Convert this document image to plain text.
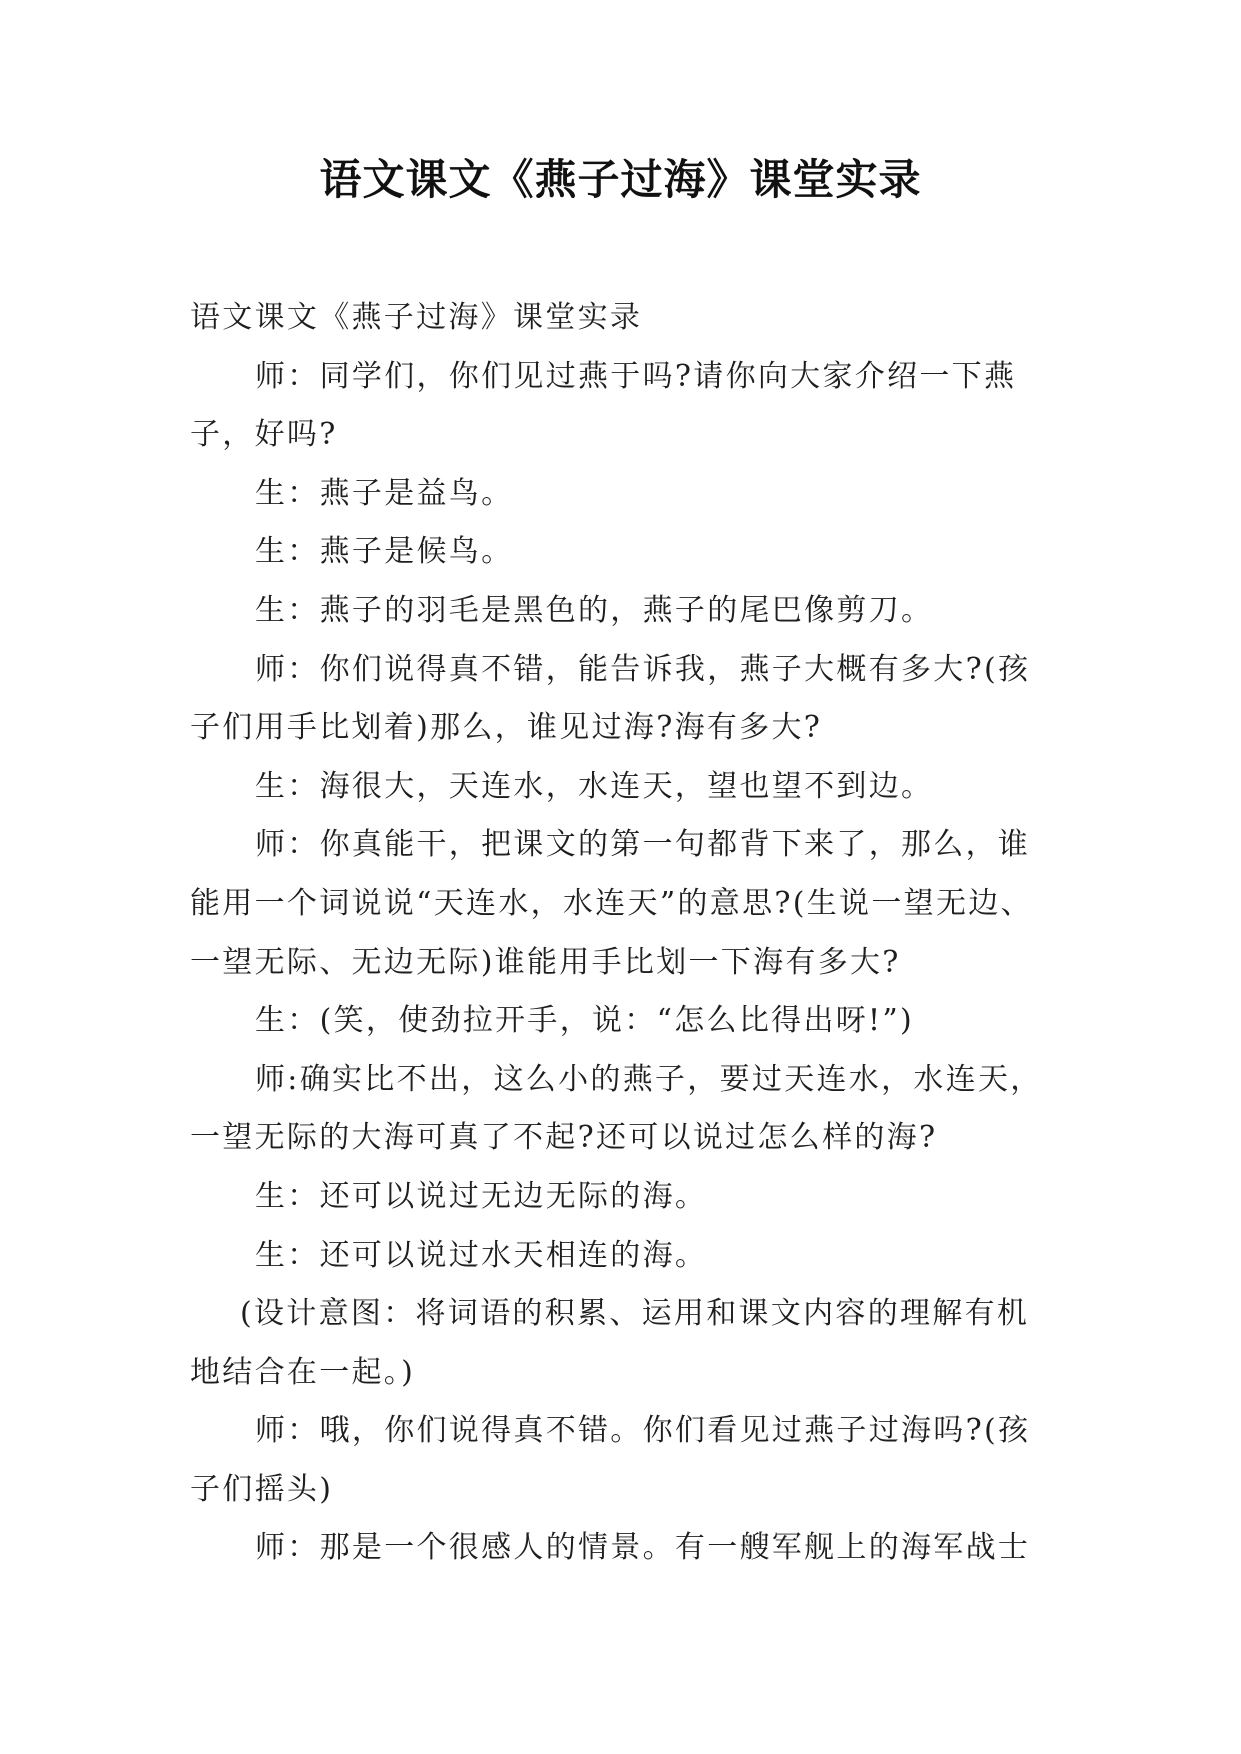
语文课文《燕子过海》课堂实录

语文课文《燕子过海》课堂实录

师：同学们，你们见过燕于吗?请你向大家介绍一下燕子，好吗?

生：燕子是益鸟。

生：燕子是候鸟。

生：燕子的羽毛是黑色的，燕子的尾巴像剪刀。

师：你们说得真不错，能告诉我，燕子大概有多大?(孩子们用手比划着)那么，谁见过海?海有多大?

生：海很大，天连水，水连天，望也望不到边。

师：你真能干，把课文的第一句都背下来了，那么，谁能用一个词说说“天连水，水连天”的意思?(生说一望无边、一望无际、无边无际)谁能用手比划一下海有多大?

生：(笑，使劲拉开手，说：“怎么比得出呀!”)

师:确实比不出，这么小的燕子，要过天连水，水连天，一望无际的大海可真了不起?还可以说过怎么样的海?

生：还可以说过无边无际的海。

生：还可以说过水天相连的海。

(设计意图：将词语的积累、运用和课文内容的理解有机地结合在一起。)

师：哦，你们说得真不错。你们看见过燕子过海吗?(孩子们摇头)

师：那是一个很感人的情景。有一艘军舰上的海军战士
